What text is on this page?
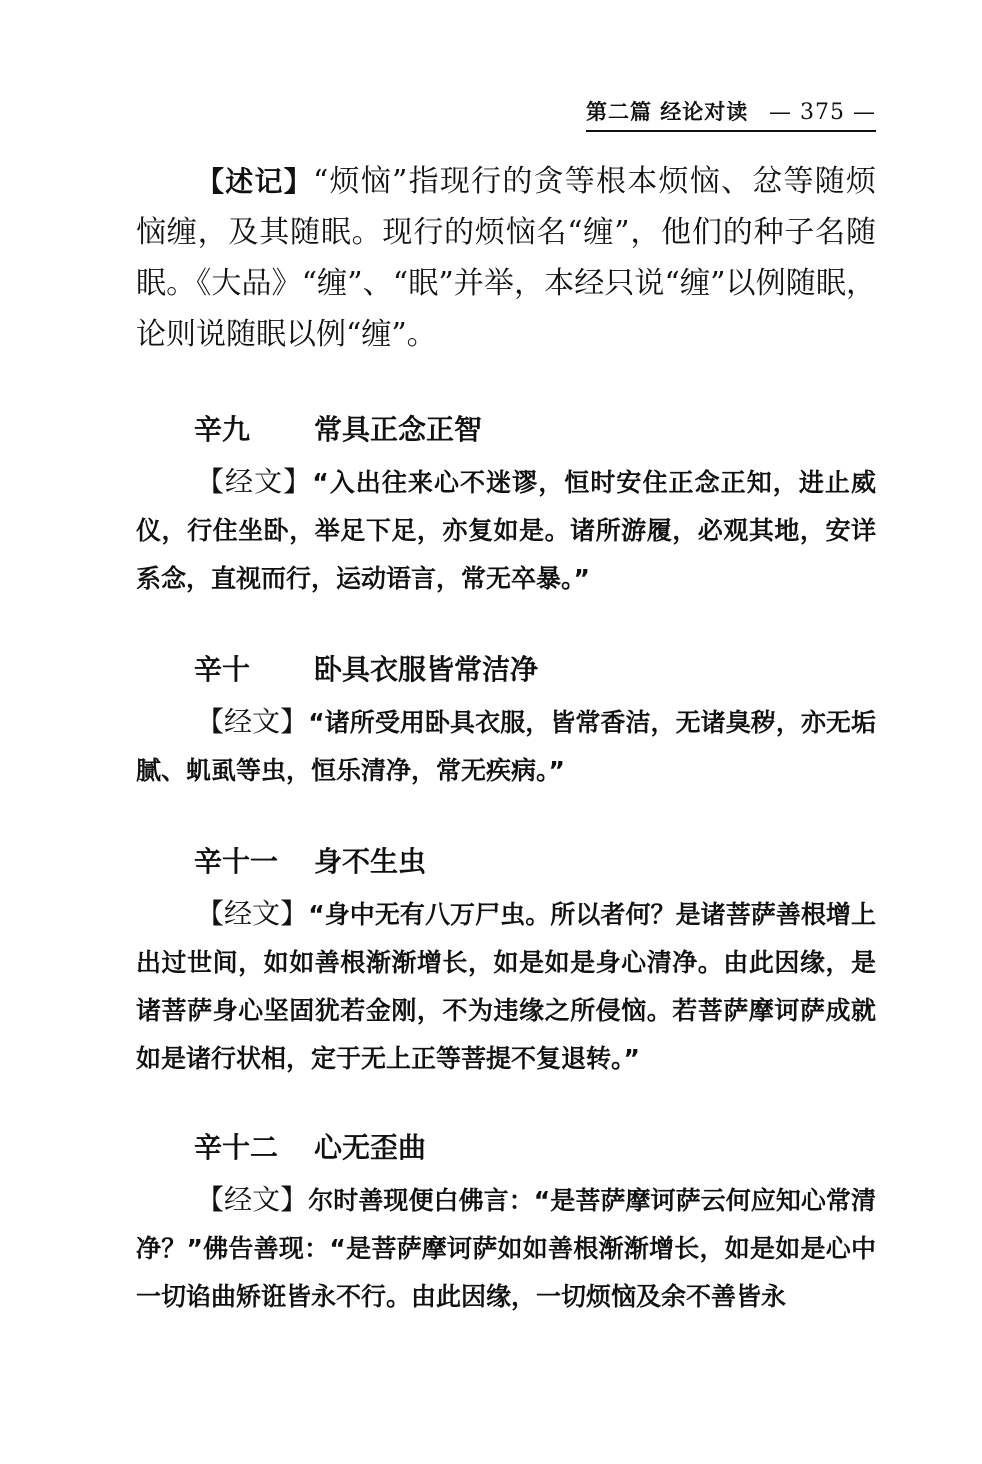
第二篇 经论对读 — 375 —

【述记】“烦恼”指现行的贪等根本烦恼、忿等随烦恼缠，及其随眠。现行的烦恼名“缠”，他们的种子名随眠。《大品》“缠”、“眠”并举，本经只说“缠”以例随眠，论则说随眠以例“缠”。

辛九 常具正念正智

【经文】“入出往来心不迷谬，恒时安住正念正知，进止威仪，行住坐卧，举足下足，亦复如是。诸所游履，必观其地，安详系念，直视而行，运动语言，常无卒暴。”

辛十 卧具衣服皆常洁净

【经文】“诸所受用卧具衣服，皆常香洁，无诸臭秽，亦无垢腻、虮虱等虫，恒乐清净，常无疾病。”

辛十一 身不生虫

【经文】“身中无有八万尸虫。所以者何？是诸菩萨善根增上出过世间，如如善根渐渐增长，如是如是身心清净。由此因缘，是诸菩萨身心坚固犹若金刚，不为违缘之所侵恼。若菩萨摩诃萨成就如是诸行状相，定于无上正等菩提不复退转。”

辛十二 心无歪曲

【经文】尔时善现便白佛言：“是菩萨摩诃萨云何应知心常清净？”佛告善现：“是菩萨摩诃萨如如善根渐渐增长，如是如是心中一切谄曲矫诳皆永不行。由此因缘，一切烦恼及余不善皆永
